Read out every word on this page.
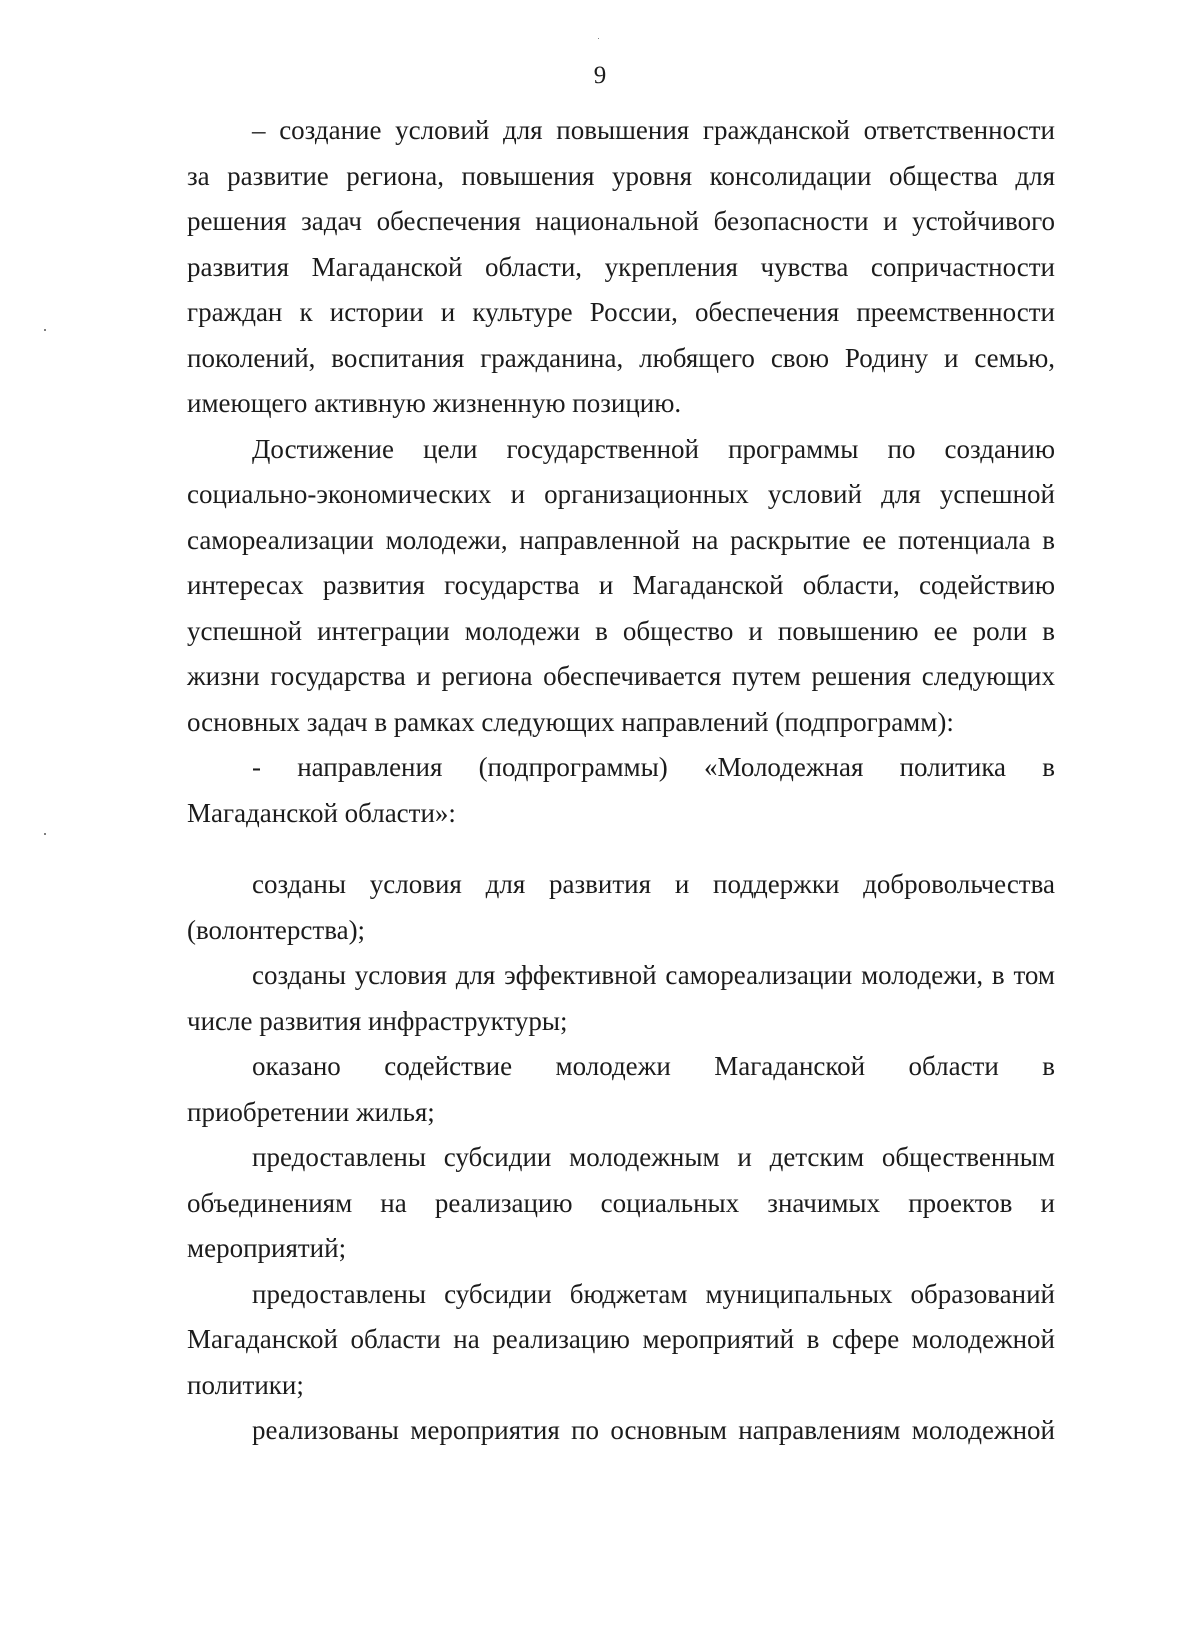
9
– создание условий для повышения гражданской ответственности
за развитие региона, повышения уровня консолидации общества для
решения задач обеспечения национальной безопасности и устойчивого
развития Магаданской области, укрепления чувства сопричастности
граждан к истории и культуре России, обеспечения преемственности
поколений, воспитания гражданина, любящего свою Родину и семью,
имеющего активную жизненную позицию.
Достижение цели государственной программы по созданию
социально-экономических и организационных условий для успешной
самореализации молодежи, направленной на раскрытие ее потенциала в
интересах развития государства и Магаданской области, содействию
успешной интеграции молодежи в общество и повышению ее роли в
жизни государства и региона обеспечивается путем решения следующих
основных задач в рамках следующих направлений (подпрограмм):
- направления (подпрограммы) «Молодежная политика в
Магаданской области»:
созданы условия для развития и поддержки добровольчества
(волонтерства);
созданы условия для эффективной самореализации молодежи, в том
числе развития инфраструктуры;
оказано содействие молодежи Магаданской области в
приобретении жилья;
предоставлены субсидии молодежным и детским общественным
объединениям на реализацию социальных значимых проектов и
мероприятий;
предоставлены субсидии бюджетам муниципальных образований
Магаданской области на реализацию мероприятий в сфере молодежной
политики;
реализованы мероприятия по основным направлениям молодежной
